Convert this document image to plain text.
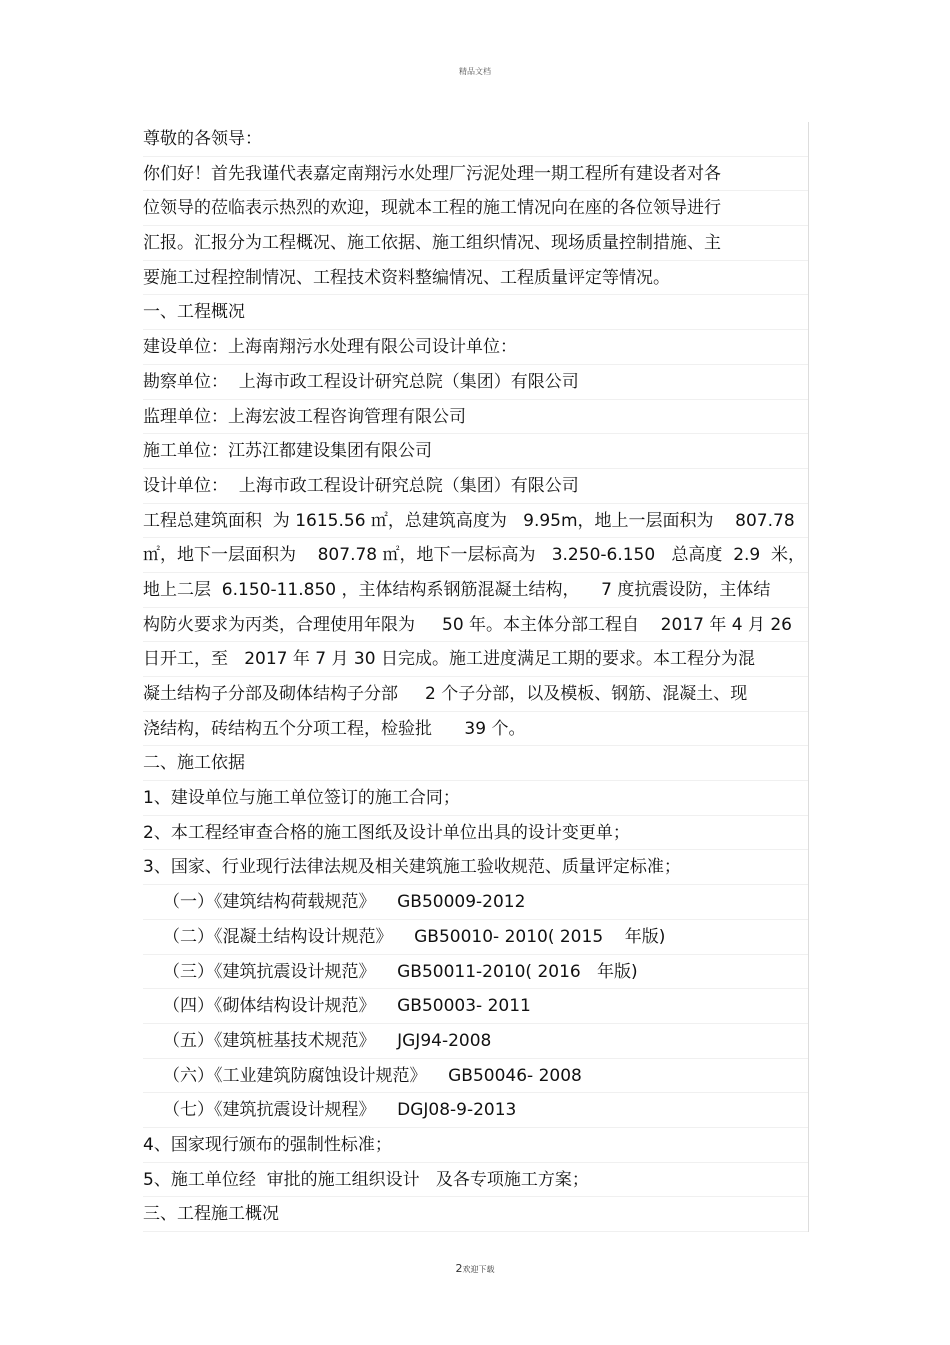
精品文档
尊敬的各领导：
你们好！首先我谨代表嘉定南翔污水处理厂污泥处理一期工程所有建设者对各
位领导的莅临表示热烈的欢迎，现就本工程的施工情况向在座的各位领导进行
汇报。汇报分为工程概况、施工依据、施工组织情况、现场质量控制措施、主
要施工过程控制情况、工程技术资料整编情况、工程质量评定等情况。
一、工程概况
建设单位：上海南翔污水处理有限公司设计单位：
勘察单位：  上海市政工程设计研究总院（集团）有限公司
监理单位：上海宏波工程咨询管理有限公司
施工单位：江苏江都建设集团有限公司
设计单位：  上海市政工程设计研究总院（集团）有限公司
工程总建筑面积  为 1615.56 ㎡，总建筑高度为   9.95m，地上一层面积为    807.78
㎡，地下一层面积为    807.78 ㎡，地下一层标高为   3.250-6.150   总高度  2.9  米，
地上二层  6.150-11.850 ，主体结构系钢筋混凝土结构，    7 度抗震设防，主体结
构防火要求为丙类，合理使用年限为     50 年。本主体分部工程自    2017 年 4 月 26
日开工，至   2017 年 7 月 30 日完成。施工进度满足工期的要求。本工程分为混
凝土结构子分部及砌体结构子分部     2 个子分部，以及模板、钢筋、混凝土、现
浇结构，砖结构五个分项工程，检验批      39 个。
二、施工依据
1、建设单位与施工单位签订的施工合同；
2、本工程经审查合格的施工图纸及设计单位出具的设计变更单；
3、国家、行业现行法律法规及相关建筑施工验收规范、质量评定标准；
（一）《建筑结构荷载规范》    GB50009-2012
（二）《混凝土结构设计规范》    GB50010- 2010( 2015    年版)
（三）《建筑抗震设计规范》    GB50011-2010( 2016   年版)
（四）《砌体结构设计规范》    GB50003- 2011
（五）《建筑桩基技术规范》    JGJ94-2008
（六）《工业建筑防腐蚀设计规范》    GB50046- 2008
（七）《建筑抗震设计规程》    DGJ08-9-2013
4、国家现行颁布的强制性标准；
5、施工单位经  审批的施工组织设计   及各专项施工方案；
三、工程施工概况
2欢迎下载
